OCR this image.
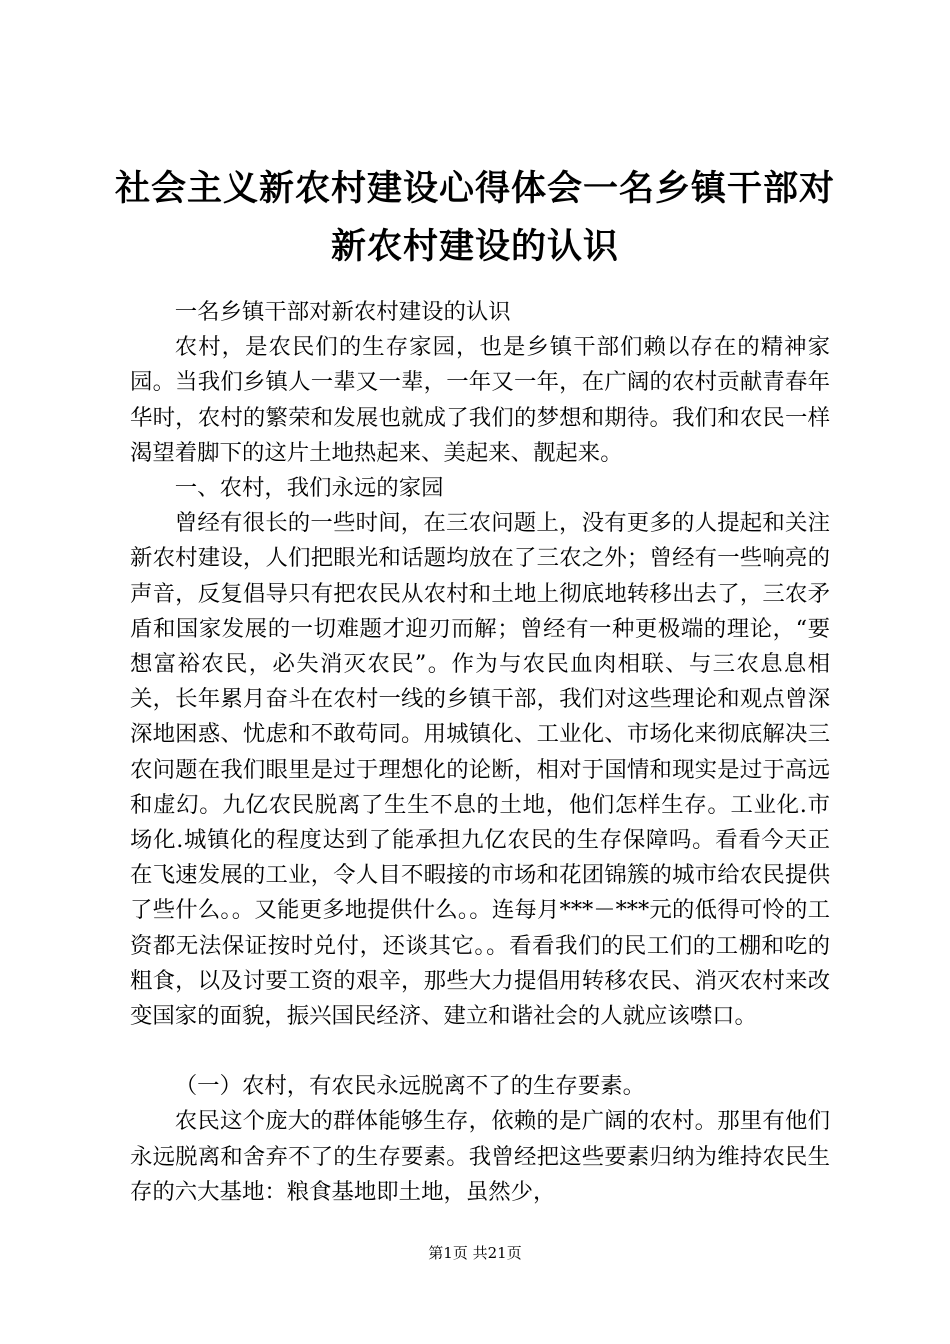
社会主义新农村建设心得体会一名乡镇干部对
新农村建设的认识

一名乡镇干部对新农村建设的认识

农村，是农民们的生存家园，也是乡镇干部们赖以存在的精神家园。当我们乡镇人一辈又一辈，一年又一年，在广阔的农村贡献青春年华时，农村的繁荣和发展也就成了我们的梦想和期待。我们和农民一样渴望着脚下的这片土地热起来、美起来、靓起来。

一、农村，我们永远的家园

曾经有很长的一些时间，在三农问题上，没有更多的人提起和关注新农村建设，人们把眼光和话题均放在了三农之外；曾经有一些响亮的声音，反复倡导只有把农民从农村和土地上彻底地转移出去了，三农矛盾和国家发展的一切难题才迎刃而解；曾经有一种更极端的理论，“要想富裕农民，必失消灭农民”。作为与农民血肉相联、与三农息息相关，长年累月奋斗在农村一线的乡镇干部，我们对这些理论和观点曾深深地困惑、忧虑和不敢苟同。用城镇化、工业化、市场化来彻底解决三农问题在我们眼里是过于理想化的论断，相对于国情和现实是过于高远和虚幻。九亿农民脱离了生生不息的土地，他们怎样生存。工业化.市场化.城镇化的程度达到了能承担九亿农民的生存保障吗。看看今天正在飞速发展的工业，令人目不暇接的市场和花团锦簇的城市给农民提供了些什么。。又能更多地提供什么。。连每月***－***元的低得可怜的工资都无法保证按时兑付，还谈其它。。看看我们的民工们的工棚和吃的粗食，以及讨要工资的艰辛，那些大力提倡用转移农民、消灭农村来改变国家的面貌，振兴国民经济、建立和谐社会的人就应该噤口。

（一）农村，有农民永远脱离不了的生存要素。

农民这个庞大的群体能够生存，依赖的是广阔的农村。那里有他们永远脱离和舍弃不了的生存要素。我曾经把这些要素归纳为维持农民生存的六大基地：粮食基地即土地，虽然少，

第1页 共21页
